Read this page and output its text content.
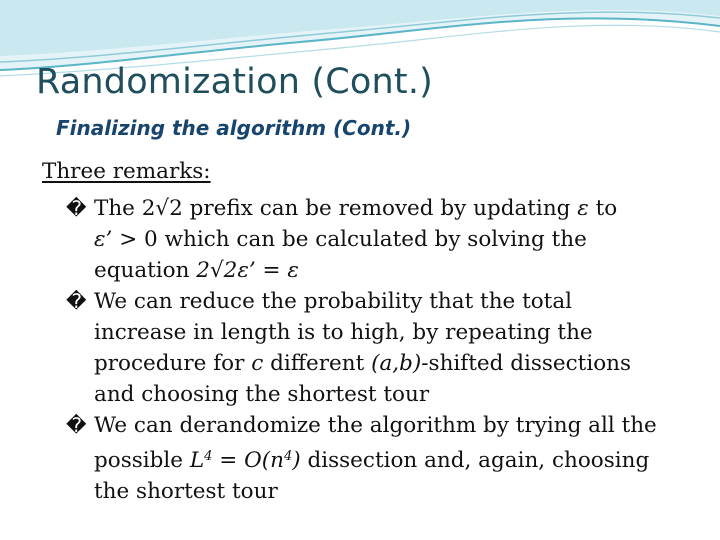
Randomization (Cont.)
Finalizing the algorithm (Cont.)

Three remarks:

� The 2√2 prefix can be removed by updating ε to
ε’ > 0 which can be calculated by solving the
equation 2√2ε’ = ε
� We can reduce the probability that the total
increase in length is to high, by repeating the
procedure for c different (a,b)-shifted dissections
and choosing the shortest tour
� We can derandomize the algorithm by trying all the
possible $L^4 = O(n^4)$ dissection and, again, choosing
the shortest tour
